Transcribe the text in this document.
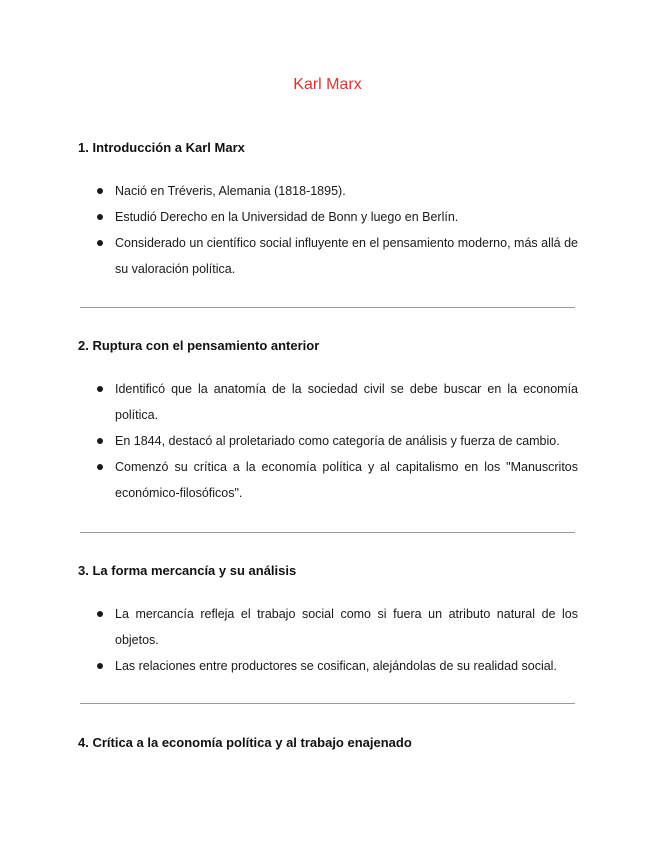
Karl Marx
1. Introducción a Karl Marx
Nació en Tréveris, Alemania (1818-1895).
Estudió Derecho en la Universidad de Bonn y luego en Berlín.
Considerado un científico social influyente en el pensamiento moderno, más allá de su valoración política.
2. Ruptura con el pensamiento anterior
Identificó que la anatomía de la sociedad civil se debe buscar en la economía política.
En 1844, destacó al proletariado como categoría de análisis y fuerza de cambio.
Comenzó su crítica a la economía política y al capitalismo en los "Manuscritos económico-filosóficos".
3. La forma mercancía y su análisis
La mercancía refleja el trabajo social como si fuera un atributo natural de los objetos.
Las relaciones entre productores se cosifican, alejándolas de su realidad social.
4. Crítica a la economía política y al trabajo enajenado
